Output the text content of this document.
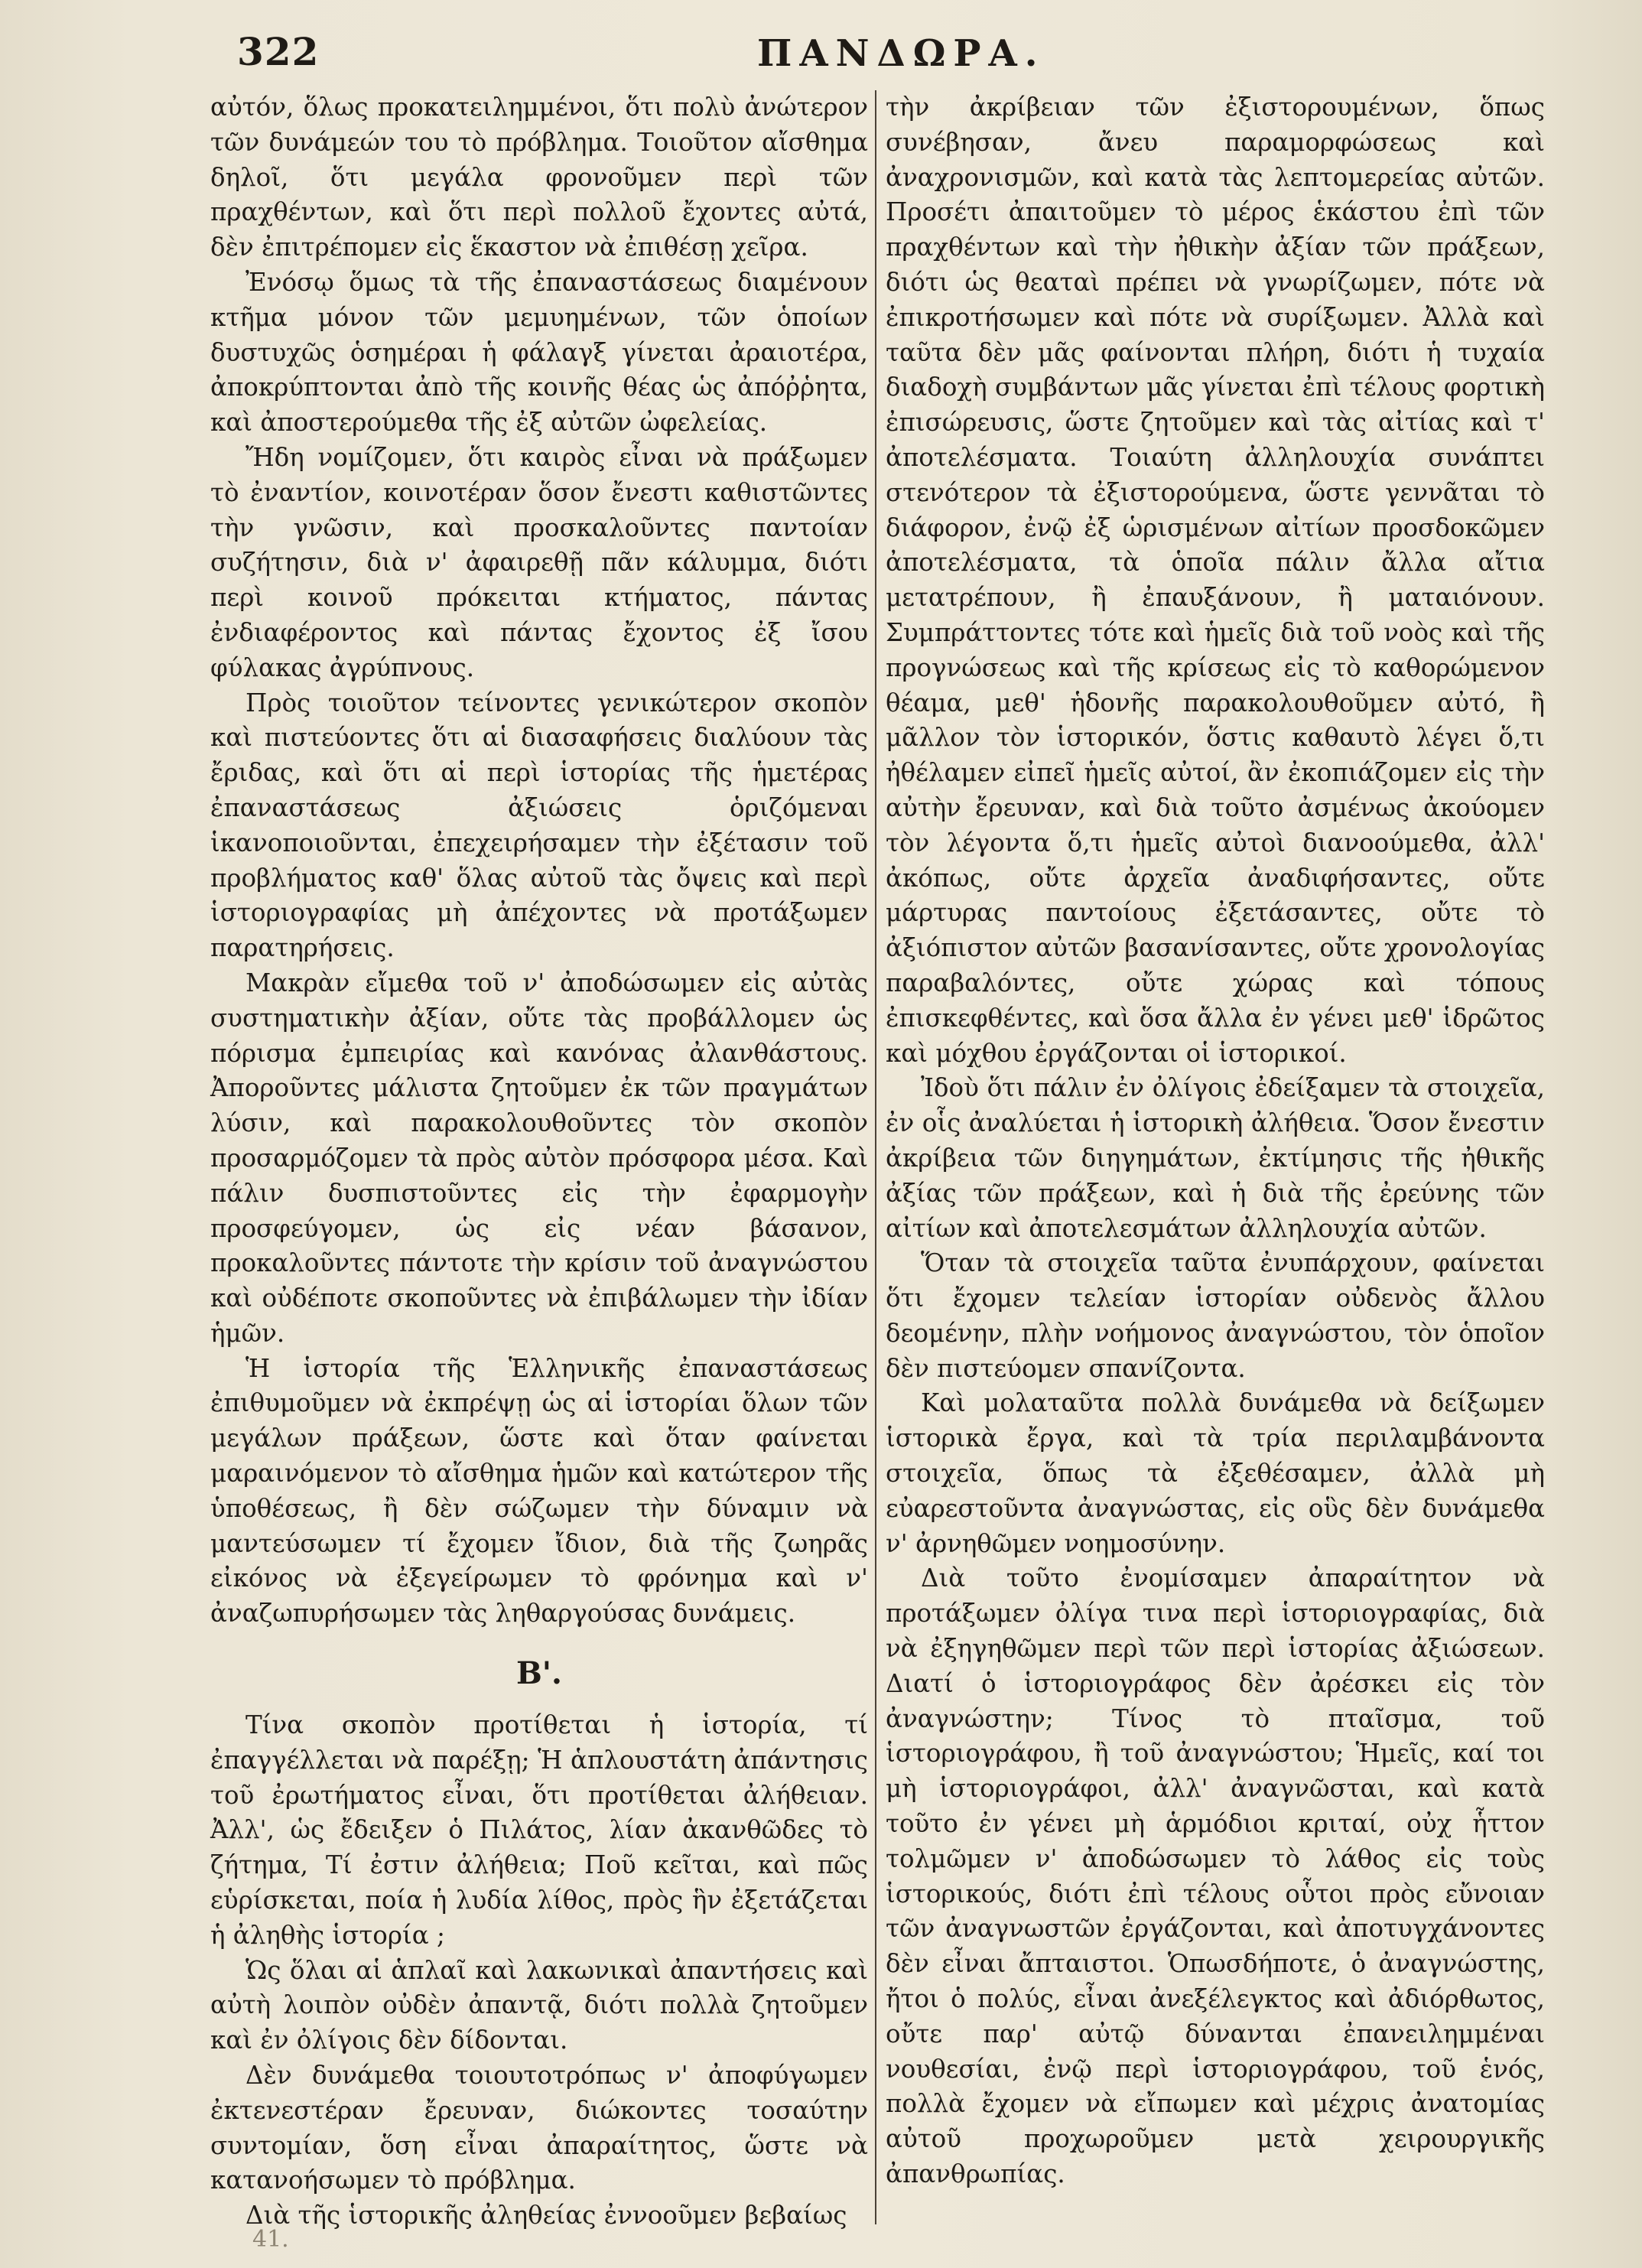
322	ΠΑΝΔΩΡΑ.

αὐτόν, ὅλως προκατειλημμένοι, ὅτι πολὺ ἀνώτερον τῶν δυνάμεών του τὸ πρόβλημα. Τοιοῦτον αἴσθημα δηλοῖ, ὅτι μεγάλα φρονοῦμεν περὶ τῶν πραχθέντων, καὶ ὅτι περὶ πολλοῦ ἔχοντες αὐτά, δὲν ἐπιτρέπομεν εἰς ἕκαστον νὰ ἐπιθέσῃ χεῖρα.

Ἐνόσῳ ὅμως τὰ τῆς ἐπαναστάσεως διαμένουν κτῆμα μόνον τῶν μεμυημένων, τῶν ὁποίων δυστυχῶς ὁσημέραι ἡ φάλαγξ γίνεται ἀραιοτέρα, ἀποκρύπτονται ἀπὸ τῆς κοινῆς θέας ὡς ἀπόῤῥητα, καὶ ἀποστερούμεθα τῆς ἐξ αὐτῶν ὠφελείας.

Ἤδη νομίζομεν, ὅτι καιρὸς εἶναι νὰ πράξωμεν τὸ ἐναντίον, κοινοτέραν ὅσον ἔνεστι καθιστῶντες τὴν γνῶσιν, καὶ προσκαλοῦντες παντοίαν συζήτησιν, διὰ ν' ἀφαιρεθῇ πᾶν κάλυμμα, διότι περὶ κοινοῦ πρόκειται κτήματος, πάντας ἐνδιαφέροντος καὶ πάντας ἔχοντος ἐξ ἴσου φύλακας ἀγρύπνους.

Πρὸς τοιοῦτον τείνοντες γενικώτερον σκοπὸν καὶ πιστεύοντες ὅτι αἱ διασαφήσεις διαλύουν τὰς ἔριδας, καὶ ὅτι αἱ περὶ ἱστορίας τῆς ἡμετέρας ἐπαναστάσεως ἀξιώσεις ὁριζόμεναι ἱκανοποιοῦνται, ἐπεχειρήσαμεν τὴν ἐξέτασιν τοῦ προβλήματος καθ' ὅλας αὐτοῦ τὰς ὄψεις καὶ περὶ ἱστοριογραφίας μὴ ἀπέχοντες νὰ προτάξωμεν παρατηρήσεις.

Μακρὰν εἴμεθα τοῦ ν' ἀποδώσωμεν εἰς αὐτὰς συστηματικὴν ἀξίαν, οὔτε τὰς προβάλλομεν ὡς πόρισμα ἐμπειρίας καὶ κανόνας ἀλανθάστους. Ἀποροῦντες μάλιστα ζητοῦμεν ἐκ τῶν πραγμάτων λύσιν, καὶ παρακολουθοῦντες τὸν σκοπὸν προσαρμόζομεν τὰ πρὸς αὐτὸν πρόσφορα μέσα. Καὶ πάλιν δυσπιστοῦντες εἰς τὴν ἐφαρμογὴν προσφεύγομεν, ὡς εἰς νέαν βάσανον, προκαλοῦντες πάντοτε τὴν κρίσιν τοῦ ἀναγνώστου καὶ οὐδέποτε σκοποῦντες νὰ ἐπιβάλωμεν τὴν ἰδίαν ἡμῶν.

Ἡ ἱστορία τῆς Ἑλληνικῆς ἐπαναστάσεως ἐπιθυμοῦμεν νὰ ἐκπρέψῃ ὡς αἱ ἱστορίαι ὅλων τῶν μεγάλων πράξεων, ὥστε καὶ ὅταν φαίνεται μαραινόμενον τὸ αἴσθημα ἡμῶν καὶ κατώτερον τῆς ὑποθέσεως, ἢ δὲν σώζωμεν τὴν δύναμιν νὰ μαντεύσωμεν τί ἔχομεν ἴδιον, διὰ τῆς ζωηρᾶς εἰκόνος νὰ ἐξεγείρωμεν τὸ φρόνημα καὶ ν' ἀναζωπυρήσωμεν τὰς ληθαργούσας δυνάμεις.

Β'.

Τίνα σκοπὸν προτίθεται ἡ ἱστορία, τί ἐπαγγέλλεται νὰ παρέξῃ; Ἡ ἁπλουστάτη ἀπάντησις τοῦ ἐρωτήματος εἶναι, ὅτι προτίθεται ἀλήθειαν. Ἀλλ', ὡς ἔδειξεν ὁ Πιλάτος, λίαν ἀκανθῶδες τὸ ζήτημα, Τί ἐστιν ἀλήθεια; Ποῦ κεῖται, καὶ πῶς εὑρίσκεται, ποία ἡ λυδία λίθος, πρὸς ἣν ἐξετάζεται ἡ ἀληθὴς ἱστορία ;

Ὡς ὅλαι αἱ ἁπλαῖ καὶ λακωνικαὶ ἀπαντήσεις καὶ αὐτὴ λοιπὸν οὐδὲν ἀπαντᾷ, διότι πολλὰ ζητοῦμεν καὶ ἐν ὀλίγοις δὲν δίδονται.

Δὲν δυνάμεθα τοιουτοτρόπως ν' ἀποφύγωμεν ἐκτενεστέραν ἔρευναν, διώκοντες τοσαύτην συντομίαν, ὅση εἶναι ἀπαραίτητος, ὥστε νὰ κατανοήσωμεν τὸ πρόβλημα.

Διὰ τῆς ἱστορικῆς ἀληθείας ἐννοοῦμεν βεβαίως

τὴν ἀκρίβειαν τῶν ἐξιστορουμένων, ὅπως συνέβησαν, ἄνευ παραμορφώσεως καὶ ἀναχρονισμῶν, καὶ κατὰ τὰς λεπτομερείας αὐτῶν. Προσέτι ἀπαιτοῦμεν τὸ μέρος ἑκάστου ἐπὶ τῶν πραχθέντων καὶ τὴν ἠθικὴν ἀξίαν τῶν πράξεων, διότι ὡς θεαταὶ πρέπει νὰ γνωρίζωμεν, πότε νὰ ἐπικροτήσωμεν καὶ πότε νὰ συρίξωμεν. Ἀλλὰ καὶ ταῦτα δὲν μᾶς φαίνονται πλήρη, διότι ἡ τυχαία διαδοχὴ συμβάντων μᾶς γίνεται ἐπὶ τέλους φορτικὴ ἐπισώρευσις, ὥστε ζητοῦμεν καὶ τὰς αἰτίας καὶ τ' ἀποτελέσματα. Τοιαύτη ἀλληλουχία συνάπτει στενότερον τὰ ἐξιστορούμενα, ὥστε γεννᾶται τὸ διάφορον, ἐνῷ ἐξ ὡρισμένων αἰτίων προσδοκῶμεν ἀποτελέσματα, τὰ ὁποῖα πάλιν ἄλλα αἴτια μετατρέπουν, ἢ ἐπαυξάνουν, ἢ ματαιόνουν. Συμπράττοντες τότε καὶ ἡμεῖς διὰ τοῦ νοὸς καὶ τῆς προγνώσεως καὶ τῆς κρίσεως εἰς τὸ καθορώμενον θέαμα, μεθ' ἡδονῆς παρακολουθοῦμεν αὐτό, ἢ μᾶλλον τὸν ἱστορικόν, ὅστις καθαυτὸ λέγει ὅ,τι ἠθέλαμεν εἰπεῖ ἡμεῖς αὐτοί, ἂν ἐκοπιάζομεν εἰς τὴν αὐτὴν ἔρευναν, καὶ διὰ τοῦτο ἀσμένως ἀκούομεν τὸν λέγοντα ὅ,τι ἡμεῖς αὐτοὶ διανοούμεθα, ἀλλ' ἀκόπως, οὔτε ἀρχεῖα ἀναδιφήσαντες, οὔτε μάρτυρας παντοίους ἐξετάσαντες, οὔτε τὸ ἀξιόπιστον αὐτῶν βασανίσαντες, οὔτε χρονολογίας παραβαλόντες, οὔτε χώρας καὶ τόπους ἐπισκεφθέντες, καὶ ὅσα ἄλλα ἐν γένει μεθ' ἱδρῶτος καὶ μόχθου ἐργάζονται οἱ ἱστορικοί.

Ἰδοὺ ὅτι πάλιν ἐν ὀλίγοις ἐδείξαμεν τὰ στοιχεῖα, ἐν οἷς ἀναλύεται ἡ ἱστορικὴ ἀλήθεια. Ὅσον ἔνεστιν ἀκρίβεια τῶν διηγημάτων, ἐκτίμησις τῆς ἠθικῆς ἀξίας τῶν πράξεων, καὶ ἡ διὰ τῆς ἐρεύνης τῶν αἰτίων καὶ ἀποτελεσμάτων ἀλληλουχία αὐτῶν.

Ὅταν τὰ στοιχεῖα ταῦτα ἐνυπάρχουν, φαίνεται ὅτι ἔχομεν τελείαν ἱστορίαν οὐδενὸς ἄλλου δεομένην, πλὴν νοήμονος ἀναγνώστου, τὸν ὁποῖον δὲν πιστεύομεν σπανίζοντα.

Καὶ μολαταῦτα πολλὰ δυνάμεθα νὰ δείξωμεν ἱστορικὰ ἔργα, καὶ τὰ τρία περιλαμβάνοντα στοιχεῖα, ὅπως τὰ ἐξεθέσαμεν, ἀλλὰ μὴ εὐαρεστοῦντα ἀναγνώστας, εἰς οὓς δὲν δυνάμεθα ν' ἀρνηθῶμεν νοημοσύνην.

Διὰ τοῦτο ἐνομίσαμεν ἀπαραίτητον νὰ προτάξωμεν ὀλίγα τινα περὶ ἱστοριογραφίας, διὰ νὰ ἐξηγηθῶμεν περὶ τῶν περὶ ἱστορίας ἀξιώσεων. Διατί ὁ ἱστοριογράφος δὲν ἀρέσκει εἰς τὸν ἀναγνώστην; Τίνος τὸ πταῖσμα, τοῦ ἱστοριογράφου, ἢ τοῦ ἀναγνώστου; Ἡμεῖς, καί τοι μὴ ἱστοριογράφοι, ἀλλ' ἀναγνῶσται, καὶ κατὰ τοῦτο ἐν γένει μὴ ἁρμόδιοι κριταί, οὐχ ἧττον τολμῶμεν ν' ἀποδώσωμεν τὸ λάθος εἰς τοὺς ἱστορικούς, διότι ἐπὶ τέλους οὗτοι πρὸς εὔνοιαν τῶν ἀναγνωστῶν ἐργάζονται, καὶ ἀποτυγχάνοντες δὲν εἶναι ἄπταιστοι. Ὁπωσδήποτε, ὁ ἀναγνώστης, ἤτοι ὁ πολύς, εἶναι ἀνεξέλεγκτος καὶ ἀδιόρθωτος, οὔτε παρ' αὐτῷ δύνανται ἐπανειλημμέναι νουθεσίαι, ἐνῷ περὶ ἱστοριογράφου, τοῦ ἑνός, πολλὰ ἔχομεν νὰ εἴπωμεν καὶ μέχρις ἀνατομίας αὐτοῦ προχωροῦμεν μετὰ χειρουργικῆς ἀπανθρωπίας.

41.
